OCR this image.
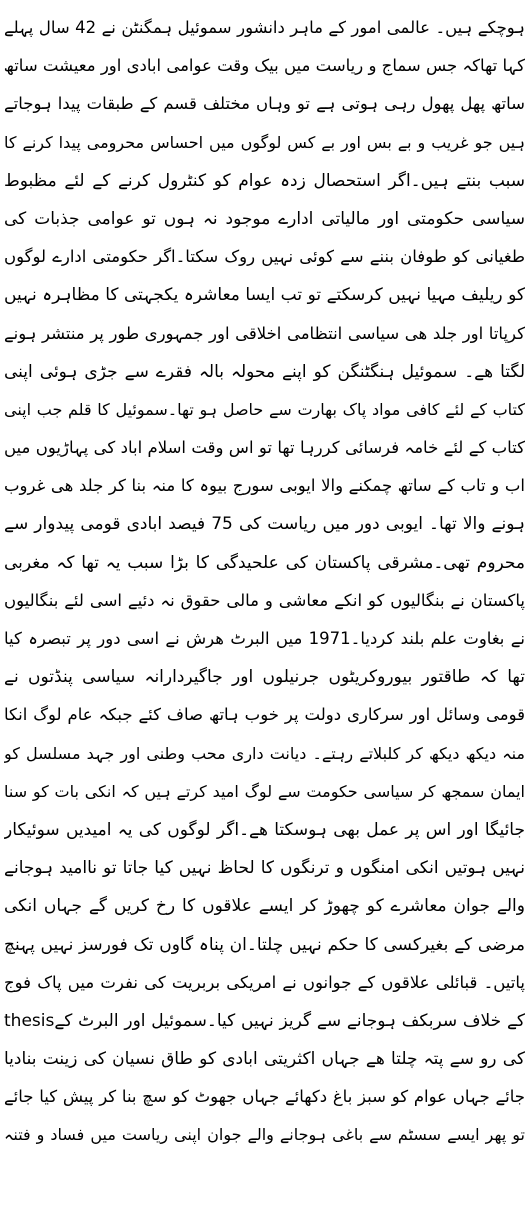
ہوچکے ہیں۔ عالمی امور کے ماہر دانشور سموئیل ہمگنٹن نے 42 سال پہلے
کہا تھاکہ جس سماج و ریاست میں بیک وقت عوامی ابادی اور معیشت ساتھ
ساتھ پھل پھول رہی ہوتی ہے تو وہاں مختلف قسم کے طبقات پیدا ہوجاتے
ہیں جو غریب و بے بس اور بے کس لوگوں میں احساس محرومی پیدا کرنے کا
سبب بنتے ہیں۔اگر استحصال زدہ عوام کو کنٹرول کرنے کے لئے مظبوط
سیاسی حکومتی اور مالیاتی ادارے موجود نہ ہوں تو عوامی جذبات کی
طغیانی کو طوفان بننے سے کوئی نہیں روک سکتا۔اگر حکومتی ادارے لوگوں
کو ریلیف مہیا نہیں کرسکتے تو تب ایسا معاشرہ یکجہتی کا مظاہرہ نہیں
کرپاتا اور جلد ھی سیاسی انتظامی اخلاقی اور جمہوری طور پر منتشر ہونے
لگتا ھے۔ سموئیل ہنگٹنگن کو اپنے محولہ بالہ فقرے سے جڑی ہوئی اپنی
کتاب کے لئے کافی مواد پاک بھارت سے حاصل ہو تھا۔سموئیل کا قلم جب اپنی
کتاب کے لئے خامہ فرسائی کررہا تھا تو اس وقت اسلام اباد کی پہاڑیوں میں
اب و تاب کے ساتھ چمکنے والا ایوبی سورج بیوہ کا منہ بنا کر جلد ھی غروب
ہونے والا تھا۔ ایوبی دور میں ریاست کی 75 فیصد ابادی قومی پیدوار سے
محروم تھی۔مشرقی پاکستان کی علحیدگی کا بڑا سبب یہ تھا کہ مغربی
پاکستان نے بنگالیوں کو انکے معاشی و مالی حقوق نہ دئیے اسی لئے بنگالیوں
نے بغاوت علم بلند کردیا۔1971 میں البرٹ ھرش نے اسی دور پر تبصرہ کیا
تھا کہ طاقتور بیوروکریٹوں جرنیلوں اور جاگیردارانہ سیاسی پنڈتوں نے
قومی وسائل اور سرکاری دولت پر خوب ہاتھ صاف کئے جبکہ عام لوگ انکا
منہ دیکھ دیکھ کر کلبلاتے رہتے۔ دیانت داری محب وطنی اور جہد مسلسل کو
ایمان سمجھ کر سیاسی حکومت سے لوگ امید کرتے ہیں کہ انکی بات کو سنا
جائیگا اور اس پر عمل بھی ہوسکتا ھے۔اگر لوگوں کی یہ امیدیں سوئیکار
نہیں ہوتیں انکی امنگوں و ترنگوں کا لحاظ نہیں کیا جاتا تو ناامید ہوجانے
والے جوان معاشرے کو چھوڑ کر ایسے علاقوں کا رخ کریں گے جہاں انکی
مرضی کے بغیرکسی کا حکم نہیں چلتا۔ان پناہ گاوں تک فورسز نہیں پہنچ
پاتیں۔ قبائلی علاقوں کے جوانوں نے امریکی بربریت کی نفرت میں پاک فوج
کے خلاف سربکف ہوجانے سے گریز نہیں کیا۔سموئیل اور البرٹ کےthesis
کی رو سے پتہ چلتا ھے جہاں اکثریتی ابادی کو طاق نسیان کی زینت بنادیا
جائے جہاں عوام کو سبز باغ دکھائے جہاں جھوٹ کو سچ بنا کر پیش کیا جائے
تو پھر ایسے سسٹم سے باغی ہوجانے والے جوان اپنی ریاست میں فساد و فتنہ
